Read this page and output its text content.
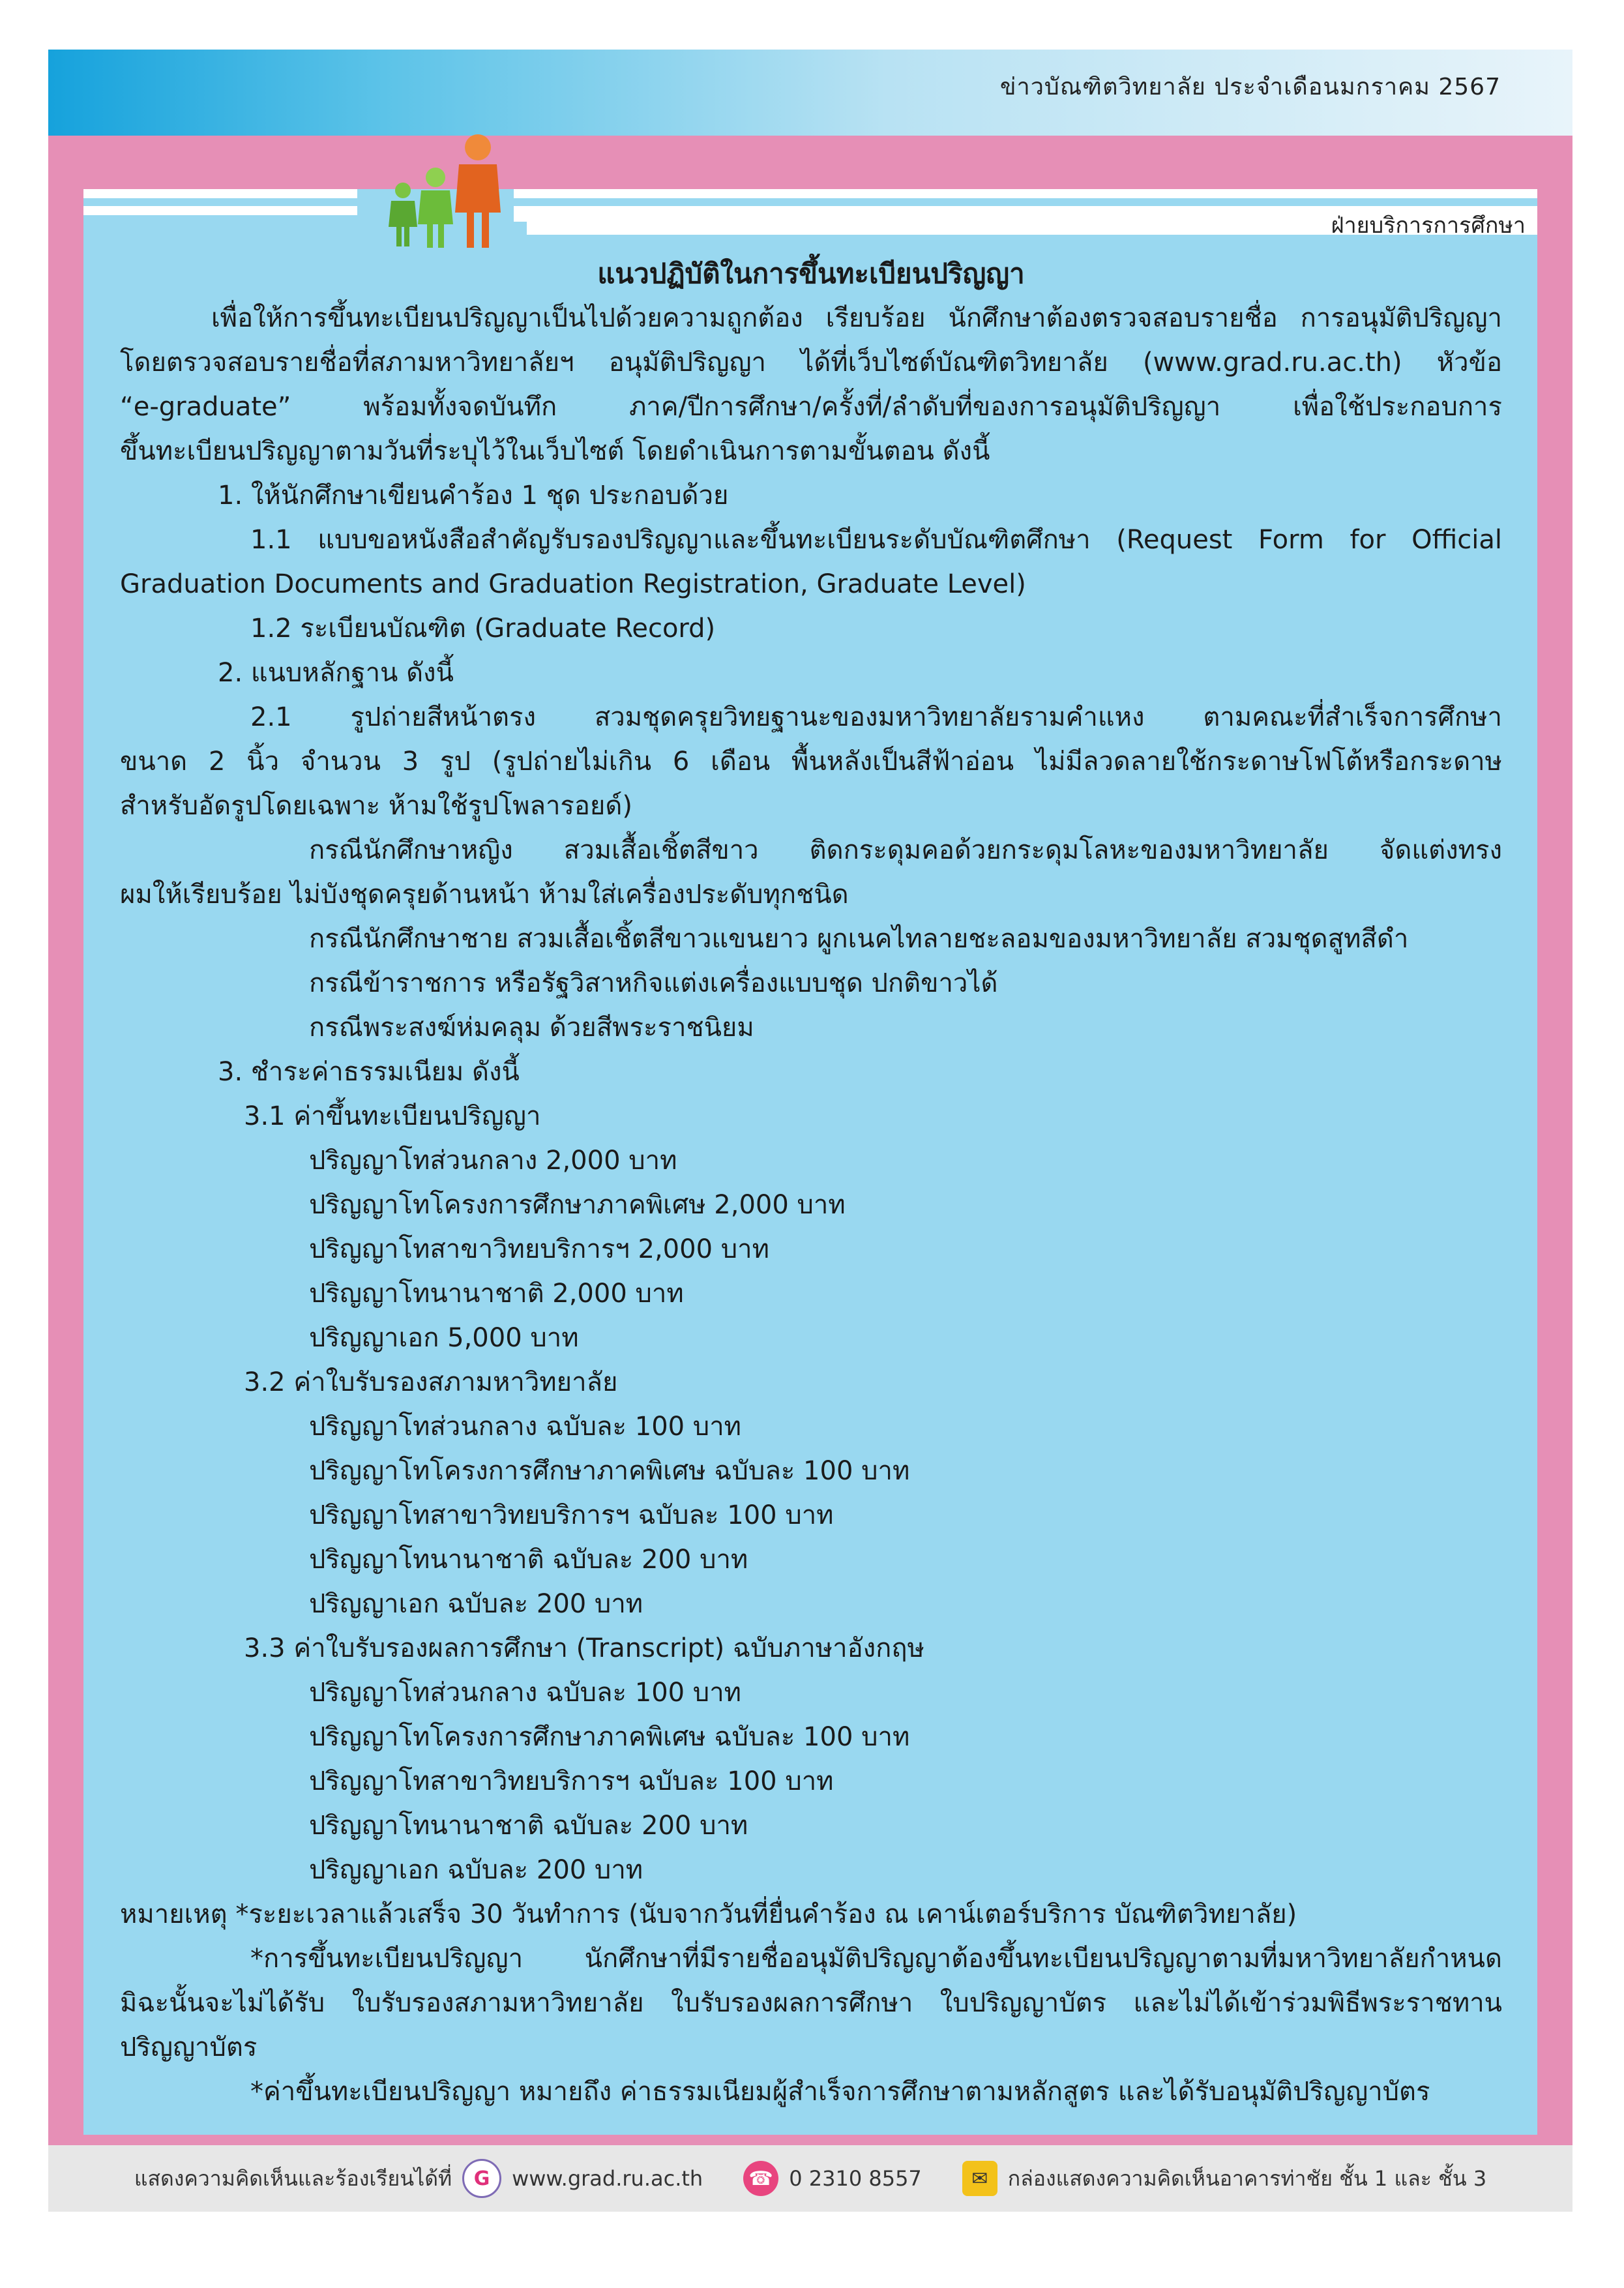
ข่าวบัณฑิตวิทยาลัย ประจำเดือนมกราคม 2567
ฝ่ายบริการการศึกษา

แนวปฏิบัติในการขึ้นทะเบียนปริญญา

เพื่อให้การขึ้นทะเบียนปริญญาเป็นไปด้วยความถูกต้อง เรียบร้อย นักศึกษาต้องตรวจสอบรายชื่อ การอนุมัติปริญญา

โดยตรวจสอบรายชื่อที่สภามหาวิทยาลัยฯ อนุมัติปริญญา ได้ที่เว็บไซต์บัณฑิตวิทยาลัย (www.grad.ru.ac.th) หัวข้อ

“e-graduate” พร้อมทั้งจดบันทึก ภาค/ปีการศึกษา/ครั้งที่/ลำดับที่ของการอนุมัติปริญญา เพื่อใช้ประกอบการ

ขึ้นทะเบียนปริญญาตามวันที่ระบุไว้ในเว็บไซต์ โดยดำเนินการตามขั้นตอน ดังนี้

1. ให้นักศึกษาเขียนคำร้อง 1 ชุด ประกอบด้วย

1.1 แบบขอหนังสือสำคัญรับรองปริญญาและขึ้นทะเบียนระดับบัณฑิตศึกษา (Request Form for Official

Graduation Documents and Graduation Registration, Graduate Level)

1.2 ระเบียนบัณฑิต (Graduate Record)

2. แนบหลักฐาน ดังนี้

2.1 รูปถ่ายสีหน้าตรง สวมชุดครุยวิทยฐานะของมหาวิทยาลัยรามคำแหง ตามคณะที่สำเร็จการศึกษา

ขนาด 2 นิ้ว จำนวน 3 รูป (รูปถ่ายไม่เกิน 6 เดือน พื้นหลังเป็นสีฟ้าอ่อน ไม่มีลวดลายใช้กระดาษโฟโต้หรือกระดาษ

สำหรับอัดรูปโดยเฉพาะ ห้ามใช้รูปโพลารอยด์)

กรณีนักศึกษาหญิง สวมเสื้อเชิ้ตสีขาว ติดกระดุมคอด้วยกระดุมโลหะของมหาวิทยาลัย จัดแต่งทรง

ผมให้เรียบร้อย ไม่บังชุดครุยด้านหน้า ห้ามใส่เครื่องประดับทุกชนิด

กรณีนักศึกษาชาย สวมเสื้อเชิ้ตสีขาวแขนยาว ผูกเนคไทลายชะลอมของมหาวิทยาลัย สวมชุดสูทสีดำ

กรณีข้าราชการ หรือรัฐวิสาหกิจแต่งเครื่องแบบชุด ปกติขาวได้

กรณีพระสงฆ์ห่มคลุม ด้วยสีพระราชนิยม

3. ชำระค่าธรรมเนียม ดังนี้

3.1 ค่าขึ้นทะเบียนปริญญา

ปริญญาโทส่วนกลาง 2,000 บาท

ปริญญาโทโครงการศึกษาภาคพิเศษ 2,000 บาท

ปริญญาโทสาขาวิทยบริการฯ 2,000 บาท

ปริญญาโทนานาชาติ 2,000 บาท

ปริญญาเอก 5,000 บาท

3.2 ค่าใบรับรองสภามหาวิทยาลัย

ปริญญาโทส่วนกลาง ฉบับละ 100 บาท

ปริญญาโทโครงการศึกษาภาคพิเศษ ฉบับละ 100 บาท

ปริญญาโทสาขาวิทยบริการฯ ฉบับละ 100 บาท

ปริญญาโทนานาชาติ ฉบับละ 200 บาท

ปริญญาเอก ฉบับละ 200 บาท

3.3 ค่าใบรับรองผลการศึกษา (Transcript) ฉบับภาษาอังกฤษ

ปริญญาโทส่วนกลาง ฉบับละ 100 บาท

ปริญญาโทโครงการศึกษาภาคพิเศษ ฉบับละ 100 บาท

ปริญญาโทสาขาวิทยบริการฯ ฉบับละ 100 บาท

ปริญญาโทนานาชาติ ฉบับละ 200 บาท

ปริญญาเอก ฉบับละ 200 บาท

หมายเหตุ *ระยะเวลาแล้วเสร็จ 30 วันทำการ (นับจากวันที่ยื่นคำร้อง ณ เคาน์เตอร์บริการ บัณฑิตวิทยาลัย)

*การขึ้นทะเบียนปริญญา นักศึกษาที่มีรายชื่ออนุมัติปริญญาต้องขึ้นทะเบียนปริญญาตามที่มหาวิทยาลัยกำหนด

มิฉะนั้นจะไม่ได้รับ ใบรับรองสภามหาวิทยาลัย ใบรับรองผลการศึกษา ใบปริญญาบัตร และไม่ได้เข้าร่วมพิธีพระราชทาน

ปริญญาบัตร

*ค่าขึ้นทะเบียนปริญญา หมายถึง ค่าธรรมเนียมผู้สำเร็จการศึกษาตามหลักสูตร และได้รับอนุมัติปริญญาบัตร

แสดงความคิดเห็นและร้องเรียนได้ที่	G	www.grad.ru.ac.th ☎ 0 2310 8557	✉ กล่องแสดงความคิดเห็นอาคารท่าชัย ชั้น 1 และ ชั้น 3
